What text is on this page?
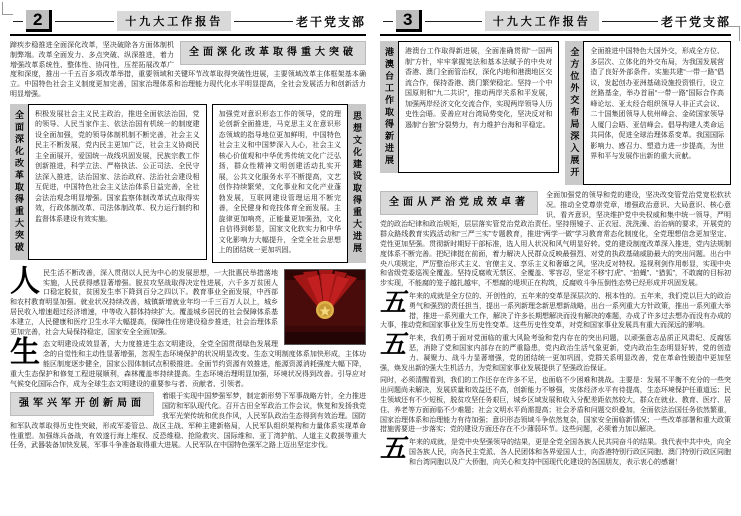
2	十九大工作报告	老干党支部
全面深化改革取得重大突破
蹄疾步稳推进全面深化改革，坚决破除各方面体制机制弊端。改革全面发力、多点突破、纵深推进，着力增强改革系统性、整体性、协同性，压茬拓展改革广度和深度，推出一千五百多项改革举措，重要领域和关键环节改革取得突破性进展，主要领域改革主体框架基本确立。中国特色社会主义制度更加完善，国家治理体系和治理能力现代化水平明显提高，全社会发展活力和创新活力明显增强。
全面深化改革取得重大突破	积极发展社会主义民主政治，推进全面依法治国，党的领导、人民当家作主、依法治国有机统一的制度建设全面加强，党的领导体制机制不断完善，社会主义民主不断发展，党内民主更加广泛，社会主义协商民主全面展开，爱国统一战线巩固发展，民族宗教工作创新推进，科学立法、严格执法、公正司法、全民守法深入推进，法治国家、法治政府、法治社会建设相互促进，中国特色社会主义法治体系日益完善，全社会法治观念明显增强。国家监察体制改革试点取得实效，行政体制改革、司法体制改革、权力运行制约和监督体系建设有效实施。
加强党对意识形态工作的领导，党的理论创新全面推进，马克思主义在意识形态领域的指导地位更加鲜明，中国特色社会主义和中国梦深入人心，社会主义核心价值观和中华优秀传统文化广泛弘扬，群众性精神文明创建活动扎实开展，公共文化服务水平不断提高，文艺创作持续繁荣，文化事业和文化产业蓬勃发展，互联网建设管理运用不断完善，全民健身和竞技体育全面发展。主旋律更加响亮，正能量更加强劲，文化自信得到彰显，国家文化软实力和中华文化影响力大幅提升，全党全社会思想上的团结统一更加巩固。	思想文化建设取得重大进展
人 民生活不断改善，深入贯彻以人民为中心的发展思想，一大批惠民举措落地实施，人民获得感显著增强。脱贫攻坚战取得决定性进展，六千多万贫困人口稳定脱贫，贫困发生率下降到百分之四以下。教育事业全面发展，中西部和农村教育明显加强。就业状况持续改善，城镇新增就业年均一千三百万人以上，城乡居民收入增速超过经济增速，中等收入群体持续扩大。覆盖城乡居民的社会保障体系基本建立，人民健康和医疗卫生水平大幅提高，保障性住房建设稳步推进，社会治理体系更加完善，社会大局保持稳定，国家安全全面加强。
生 态文明建设成效显著，大力度推进生态文明建设，全党全国贯彻绿色发展理念的自觉性和主动性显著增强，忽视生态环境保护的状况明显改变。生态文明制度体系加快形成，主体功能区制度逐步健全，国家公园体制试点积极推进。全面节约资源有效推进，能源资源消耗强度大幅下降，重大生态保护和修复工程进展顺利，森林覆盖率持续提高。生态环境治理明显加强，环境状况得到改善。引导应对气候变化国际合作，成为全球生态文明建设的重要参与者、贡献者、引领者。
强军兴军开创新局面
着眼于实现中国梦强军梦，制定新形势下军事战略方针，全力推进国防和军队现代化。召开古田全军政治工作会议，恢复和发扬我党我军光荣传统和优良作风，人民军队政治生态得到有效治理。国防和军队改革取得历史性突破，形成军委管总、战区主战、军种主建新格局，人民军队组织架构和力量体系实现革命性重塑。加强练兵备战，有效遂行海上维权、反恐维稳、抢险救灾、国际维和、亚丁湾护航、人道主义救援等重大任务，武器装备加快发展，军事斗争准备取得重大进展。人民军队在中国特色强军之路上迈出坚定步伐。
3	十九大工作报告	老干党支部
港澳台工作取得新进展	港澳台工作取得新进展，全面准确贯彻“一国两制”方针，牢牢掌握宪法和基本法赋予的中央对香港、澳门全面管治权，深化内地和港澳地区交流合作，保持香港、澳门繁荣稳定。坚持一个中国原则和“九二共识”，推动两岸关系和平发展，加强两岸经济文化交流合作，实现两岸领导人历史性会晤。妥善应对台湾局势变化，坚决反对和遏制“台独”分裂势力，有力维护台海和平稳定。	全方位外交布局深入展开	全面推进中国特色大国外交，形成全方位、多层次、立体化的外交布局，为我国发展营造了良好外部条件。实施共建“一带一路”倡议，发起创办亚洲基础设施投资银行，设立丝路基金，举办首届“一带一路”国际合作高峰论坛、亚太经合组织领导人非正式会议、二十国集团领导人杭州峰会、金砖国家领导人厦门会晤、亚信峰会。倡导构建人类命运共同体，促进全球治理体系变革。我国国际影响力、感召力、塑造力进一步提高，为世界和平与发展作出新的重大贡献。
全面从严治党成效卓著
全面加强党的领导和党的建设，坚决改变管党治党宽松软状况。推动全党尊崇党章，增强政治意识、大局意识、核心意识、看齐意识，坚决维护党中央权威和集中统一领导，严明党的政治纪律和政治规矩，层层落实管党治党政治责任。坚持照镜子、正衣冠、洗洗澡、治治病的要求，开展党的群众路线教育实践活动和“三严三实”专题教育，推进“两学一做”学习教育常态化制度化，全党理想信念更加坚定、党性更加坚强。贯彻新时期好干部标准，选人用人状况和风气明显好转。党的建设制度改革深入推进，党内法规制度体系不断完善。把纪律挺在前面，着力解决人民群众反映最强烈、对党的执政基础威胁最大的突出问题。出台中央八项规定，严厉整治形式主义、官僚主义、享乐主义和奢靡之风，坚决反对特权。巡视利剑作用彰显，实现中央和省级党委巡视全覆盖。坚持反腐败无禁区、全覆盖、零容忍，坚定不移“打虎”、“拍蝇”、“猎狐”，不敢腐的目标初步实现，不能腐的笼子越扎越牢，不想腐的堤坝正在构筑，反腐败斗争压倒性态势已经形成并巩固发展。
五 年来的成就是全方位的、开创性的，五年来的变革是深层次的、根本性的。五年来，我们党以巨大的政治勇气和强烈的责任担当，提出一系列新理念新思想新战略，出台一系列重大方针政策，推出一系列重大举措，推进一系列重大工作，解决了许多长期想解决而没有解决的难题，办成了许多过去想办而没有办成的大事，推动党和国家事业发生历史性变革。这些历史性变革，对党和国家事业发展具有重大而深远的影响。
五 年来，我们勇于面对党面临的重大风险考验和党内存在的突出问题，以顽强意志品质正风肃纪、反腐惩恶，消除了党和国家内部存在的严重隐患，党内政治生活气象更新，党内政治生态明显好转，党的创造力、凝聚力、战斗力显著增强，党的团结统一更加巩固，党群关系明显改善，党在革命性锻造中更加坚强，焕发出新的强大生机活力，为党和国家事业发展提供了坚强政治保证。
同时，必须清醒看到，我们的工作还存在许多不足，也面临不少困难和挑战。主要是：发展不平衡不充分的一些突出问题尚未解决，发展质量和效益还不高，创新能力不够强，实体经济水平有待提高，生态环境保护任重道远；民生领域还有不少短板，脱贫攻坚任务艰巨，城乡区域发展和收入分配差距依然较大，群众在就业、教育、医疗、居住、养老等方面面临不少难题；社会文明水平尚需提高；社会矛盾和问题交织叠加，全面依法治国任务依然繁重，国家治理体系和治理能力有待加强；意识形态领域斗争依然复杂，国家安全面临新情况；一些改革部署和重大政策措施需要进一步落实；党的建设方面还存在不少薄弱环节。这些问题，必须着力加以解决。
五 年来的成就，是党中央坚强领导的结果，更是全党全国各族人民共同奋斗的结果。我代表中共中央，向全国各族人民，向各民主党派、各人民团体和各界爱国人士，向香港特别行政区同胞、澳门特别行政区同胞和台湾同胞以及广大侨胞，向关心和支持中国现代化建设的各国朋友，表示衷心的感谢！
